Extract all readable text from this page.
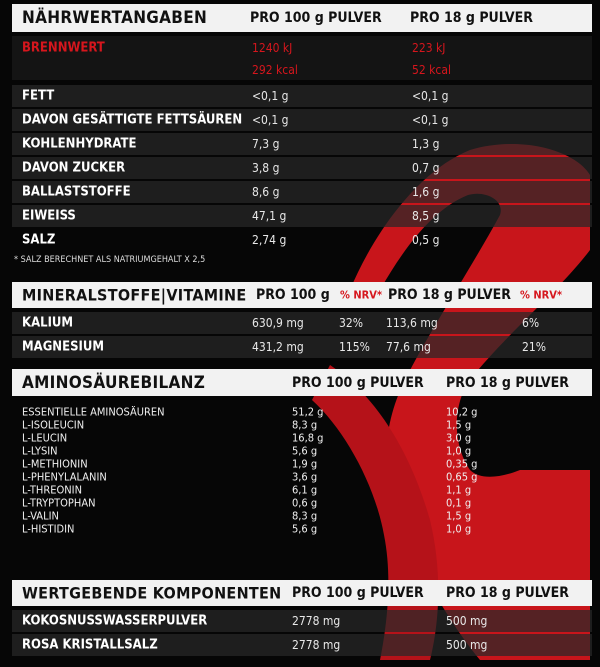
NÄHRWERTANGABEN	PRO 100 g PULVER PRO 18 g PULVER
BRENNWERT	1240 kJ	223 kJ
292 kcal	52 kcal
FETT	<0,1 g	<0,1 g
DAVON GESÄTTIGTE FETTSÄUREN <0,1 g	<0,1 g
KOHLENHYDRATE	7,3 g	1,3 g
DAVON ZUCKER	3,8 g	0,7 g
BALLASTSTOFFE	8,6 g	1,6 g
EIWEISS	47,1 g	8,5 g
SALZ	2,74 g	0,5 g
* SALZ BERECHNET ALS NATRIUMGEHALT X 2,5
MINERALSTOFFE|VITAMINE PRO 100 g % NRV* PRO 18 g PULVER % NRV*
KALIUM	630,9 mg	32% 113,6 mg	6%
MAGNESIUM	431,2 mg	115% 77,6 mg	21%
AMINOSÄUREBILANZ	PRO 100 g PULVER PRO 18 g PULVER
ESSENTIELLE AMINOSÄUREN	51,2 g	10,2 g
L-ISOLEUCIN	8,3 g	1,5 g
L-LEUCIN	16,8 g	3,0 g
L-LYSIN	5,6 g	1,0 g
L-METHIONIN	1,9 g	0,35 g
L-PHENYLALANIN	3,6 g	0,65 g
L-THREONIN	6,1 g	1,1 g
L-TRYPTOPHAN	0,6 g	0,1 g
L-VALIN	8,3 g	1,5 g
L-HISTIDIN	5,6 g	1,0 g
WERTGEBENDE KOMPONENTEN PRO 100 g PULVER PRO 18 g PULVER
KOKOSNUSSWASSERPULVER	2778 mg	500 mg
ROSA KRISTALLSALZ	2778 mg	500 mg
